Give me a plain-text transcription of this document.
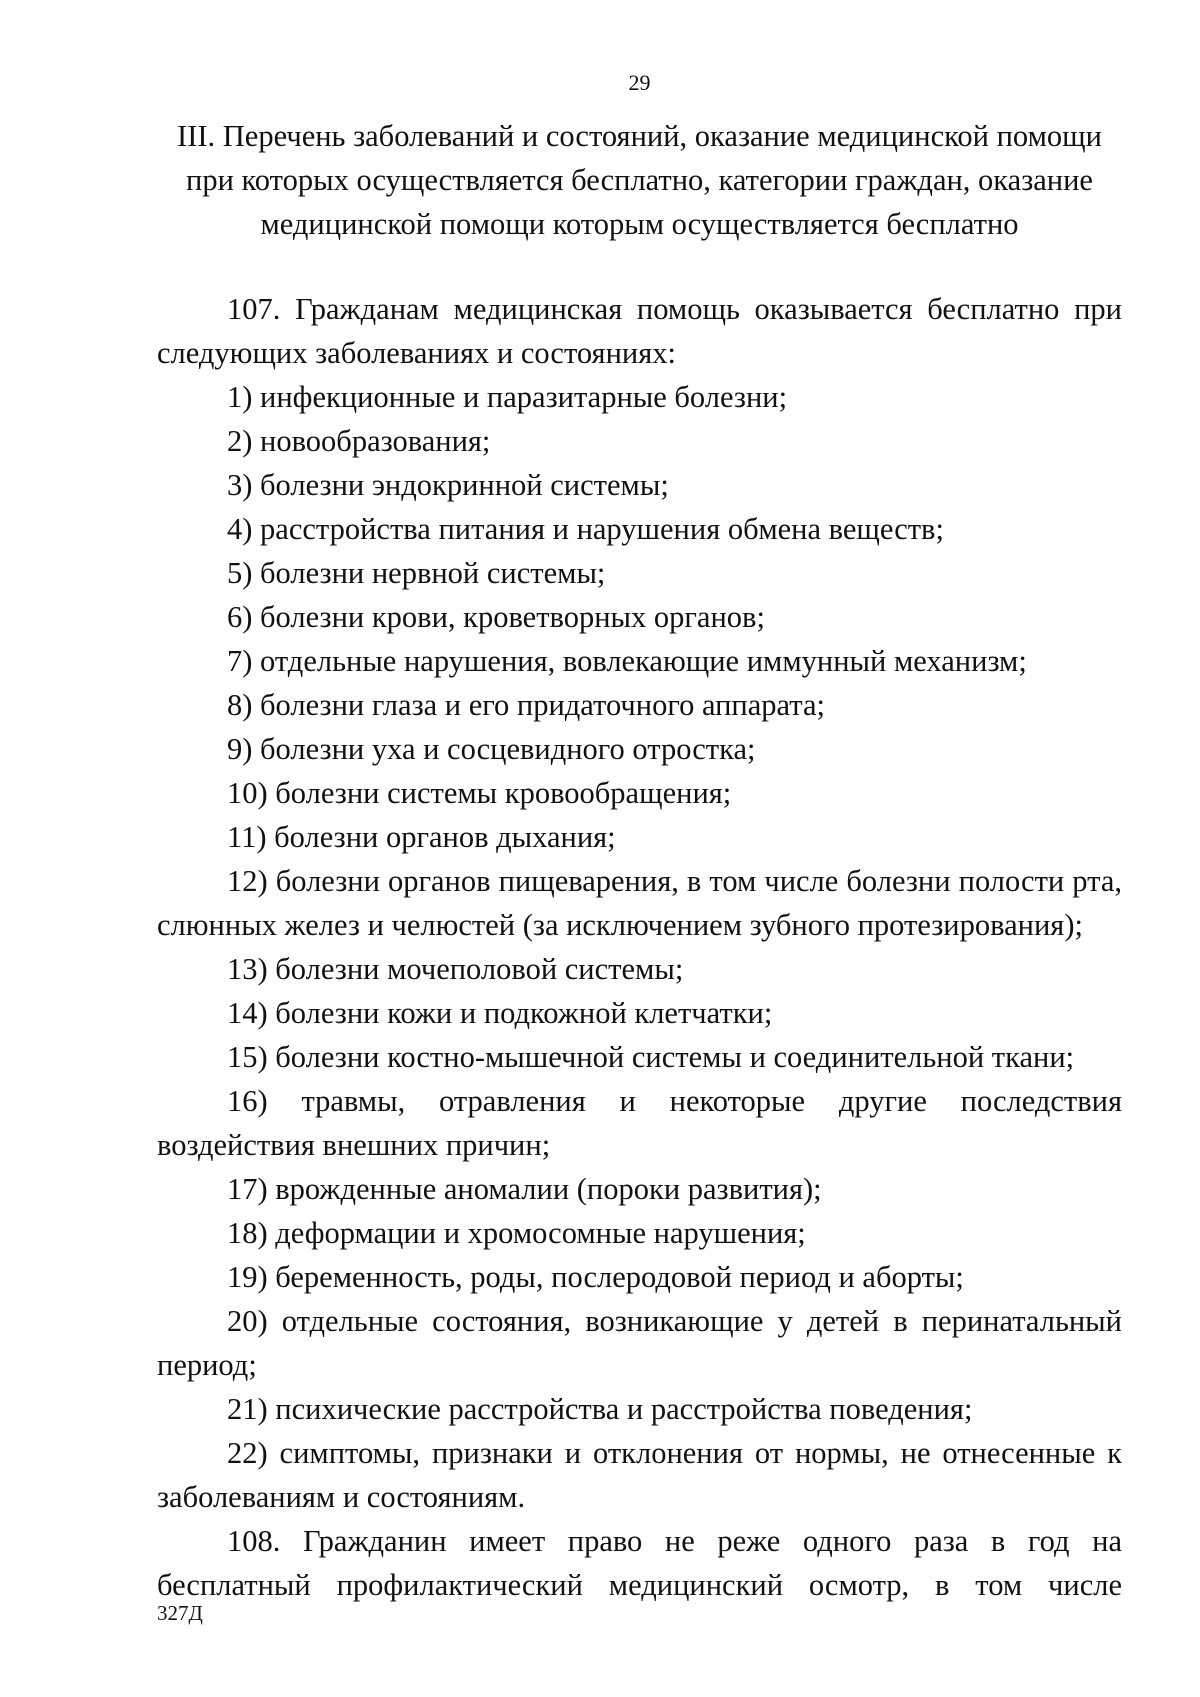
29
III. Перечень заболеваний и состояний, оказание медицинской помощи
при которых осуществляется бесплатно, категории граждан, оказание
медицинской помощи которым осуществляется бесплатно

107. Гражданам медицинская помощь оказывается бесплатно при следующих заболеваниях и состояниях:

1) инфекционные и паразитарные болезни;

2) новообразования;

3) болезни эндокринной системы;

4) расстройства питания и нарушения обмена веществ;

5) болезни нервной системы;

6) болезни крови, кроветворных органов;

7) отдельные нарушения, вовлекающие иммунный механизм;

8) болезни глаза и его придаточного аппарата;

9) болезни уха и сосцевидного отростка;

10) болезни системы кровообращения;

11) болезни органов дыхания;

12) болезни органов пищеварения, в том числе болезни полости рта, слюнных желез и челюстей (за исключением зубного протезирования);

13) болезни мочеполовой системы;

14) болезни кожи и подкожной клетчатки;

15) болезни костно-мышечной системы и соединительной ткани;

16) травмы, отравления и некоторые другие последствия воздействия внешних причин;

17) врожденные аномалии (пороки развития);

18) деформации и хромосомные нарушения;

19) беременность, роды, послеродовой период и аборты;

20) отдельные состояния, возникающие у детей в перинатальный период;

21) психические расстройства и расстройства поведения;

22) симптомы, признаки и отклонения от нормы, не отнесенные к заболеваниям и состояниям.

108. Гражданин имеет право не реже одного раза в год на бесплатный профилактический медицинский осмотр, в том числе

327Д
